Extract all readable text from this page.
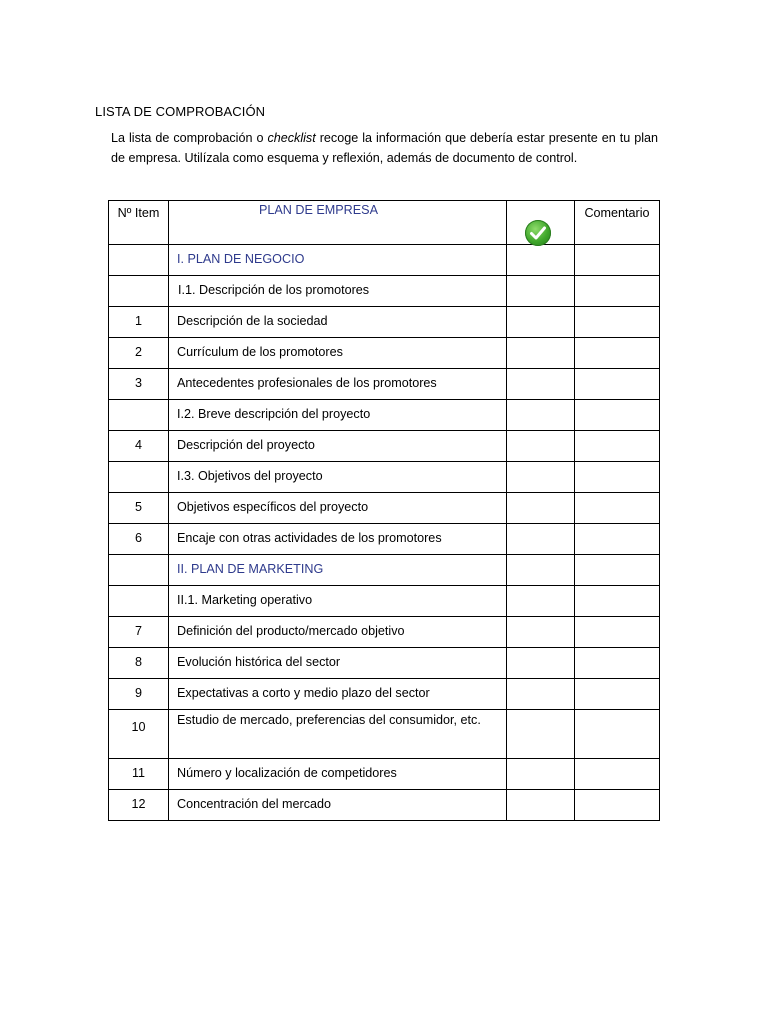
LISTA DE COMPROBACIÓN
La lista de comprobación o checklist recoge la información que debería estar presente en tu plan de empresa. Utilízala como esquema y reflexión, además de documento de control.
Nº Item	PLAN DE EMPRESA		Comentario

	I. PLAN DE NEGOCIO		

	I.1. Descripción de los promotores		

1	Descripción de la sociedad		

2	Currículum de los promotores		

3	Antecedentes profesionales de los promotores		

	I.2. Breve descripción del proyecto		

4	Descripción del proyecto		

	I.3. Objetivos del proyecto		

5	Objetivos específicos del proyecto		

6	Encaje con otras actividades de los promotores		

	II. PLAN DE MARKETING		

	II.1. Marketing operativo		

7	Definición del producto/mercado objetivo		

8	Evolución histórica del sector		

9	Expectativas a corto y medio plazo del sector		

10	Estudio de mercado, preferencias del consumidor, etc.		

11	Número y localización de competidores		

12	Concentración del mercado		
